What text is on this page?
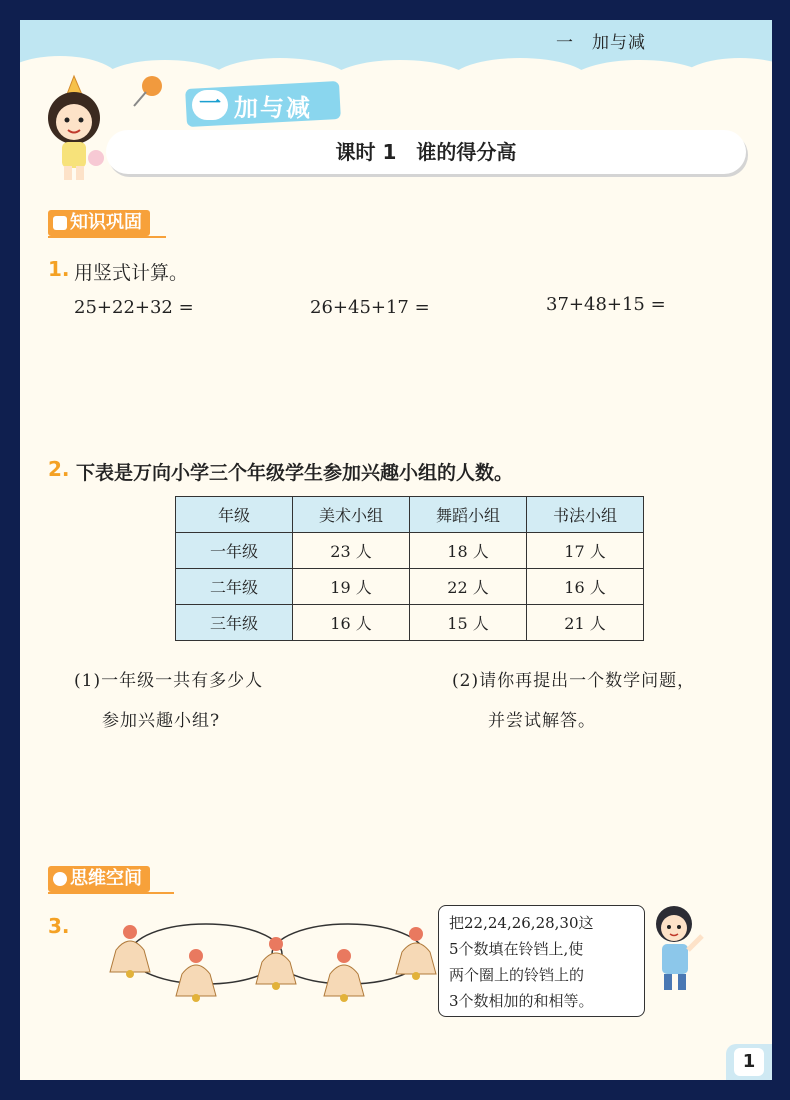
一　加与减
一 加与减
课时 1　谁的得分高
知识巩固
1. 用竖式计算。
25+22+32 =	26+45+17 =	37+48+15 =
2. 下表是万向小学三个年级学生参加兴趣小组的人数。
年级	美术小组	舞蹈小组	书法小组
一年级	23 人	18 人	17 人
二年级	19 人	22 人	16 人
三年级	16 人	15 人	21 人
(1)一年级一共有多少人
参加兴趣小组?
(2)请你再提出一个数学问题，
并尝试解答。
思维空间
3.	把22,24,26,28,30这
5个数填在铃铛上,使
两个圈上的铃铛上的
3个数相加的和相等。
1
